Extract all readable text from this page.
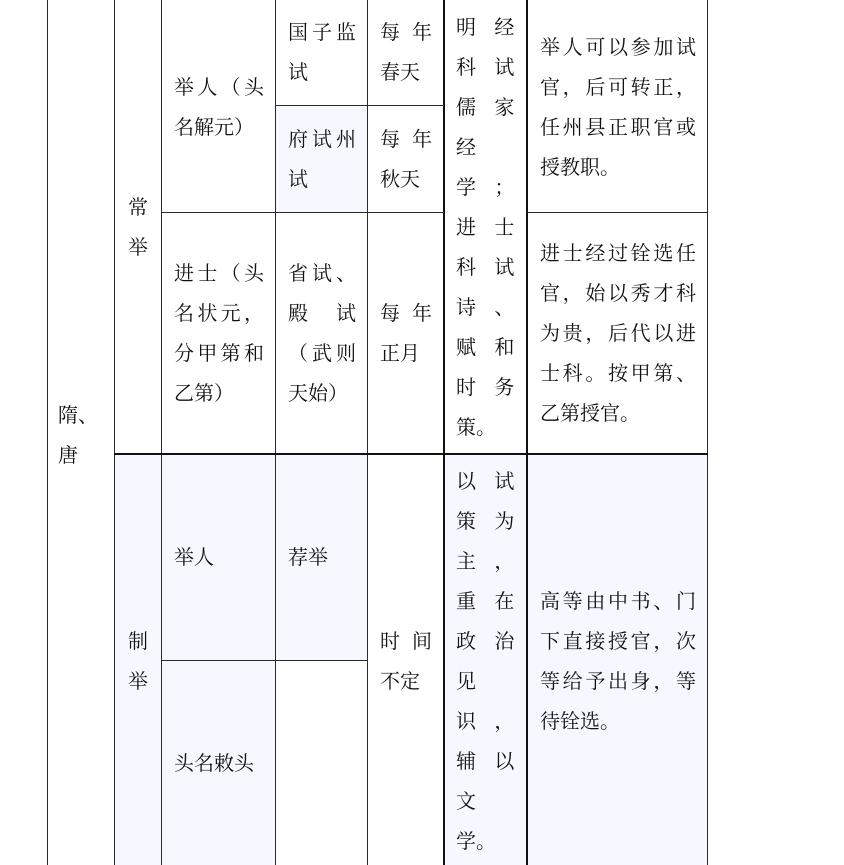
隋、唐
常举
制举
举人（头名解元）
进士（头名状元，分甲第和乙第）
举人
头名敕头
国子监试
府试州试
省试、殿试（武则天始）
荐举
每年春天
每年秋天
每年正月
时间不定
明 经
科 试
儒 家
经
学 ；
进 士
科 试
诗 、
赋 和
时 务
策。
以 试
策 为
主 ，
重 在
政 治
见
识 ，
辅 以
文
学。
举人可以参加试官，后可转正，任州县正职官或授教职。
进士经过铨选任官，始以秀才科为贵，后代以进士科。按甲第、乙第授官。
高等由中书、门下直接授官，次等给予出身，等待铨选。
